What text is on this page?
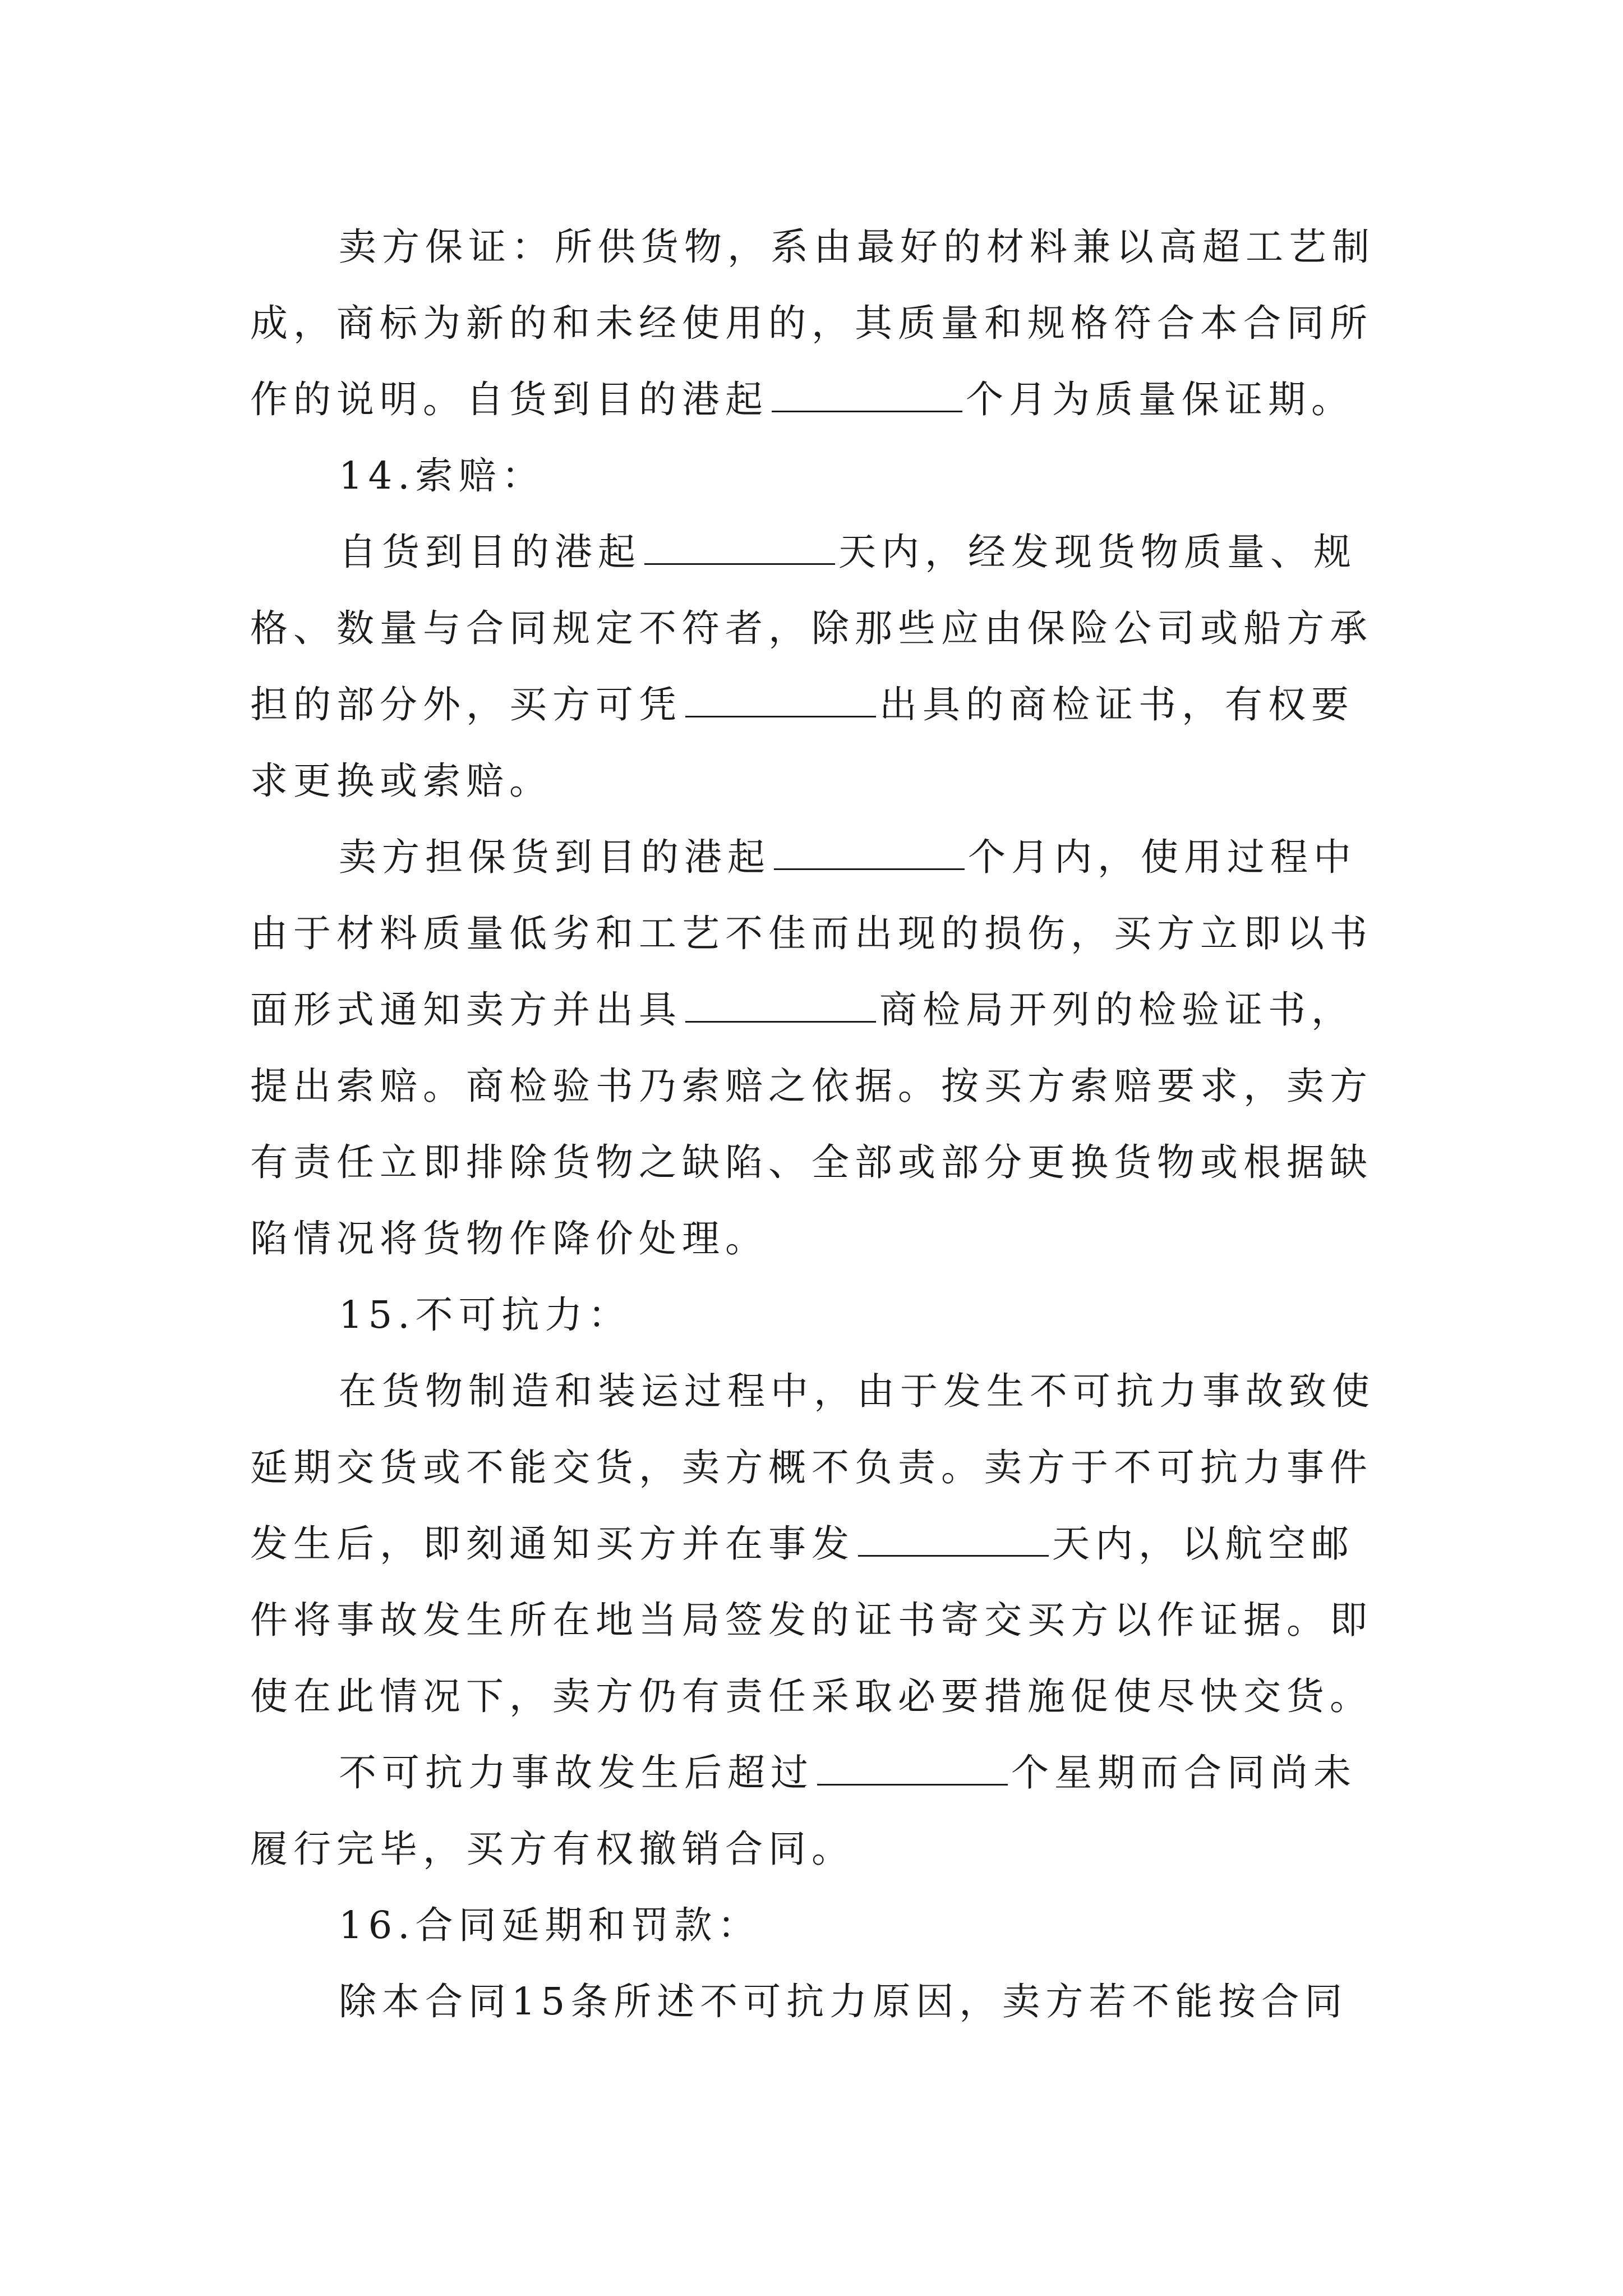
卖方保证：所供货物，系由最好的材料兼以高超工艺制
成，商标为新的和未经使用的，其质量和规格符合本合同所
作的说明。自货到目的港起	个月为质量保证期。
14.索赔：
自货到目的港起	天内，经发现货物质量、规
格、数量与合同规定不符者，除那些应由保险公司或船方承
担的部分外，买方可凭	出具的商检证书，有权要
求更换或索赔。
卖方担保货到目的港起	个月内，使用过程中
由于材料质量低劣和工艺不佳而出现的损伤，买方立即以书
面形式通知卖方并出具	商检局开列的检验证书，
提出索赔。商检验书乃索赔之依据。按买方索赔要求，卖方
有责任立即排除货物之缺陷、全部或部分更换货物或根据缺
陷情况将货物作降价处理。
15.不可抗力：
在货物制造和装运过程中，由于发生不可抗力事故致使
延期交货或不能交货，卖方概不负责。卖方于不可抗力事件
发生后，即刻通知买方并在事发	天内，以航空邮
件将事故发生所在地当局签发的证书寄交买方以作证据。即
使在此情况下，卖方仍有责任采取必要措施促使尽快交货。
不可抗力事故发生后超过	个星期而合同尚未
履行完毕，买方有权撤销合同。
16.合同延期和罚款：
除本合同15条所述不可抗力原因，卖方若不能按合同
